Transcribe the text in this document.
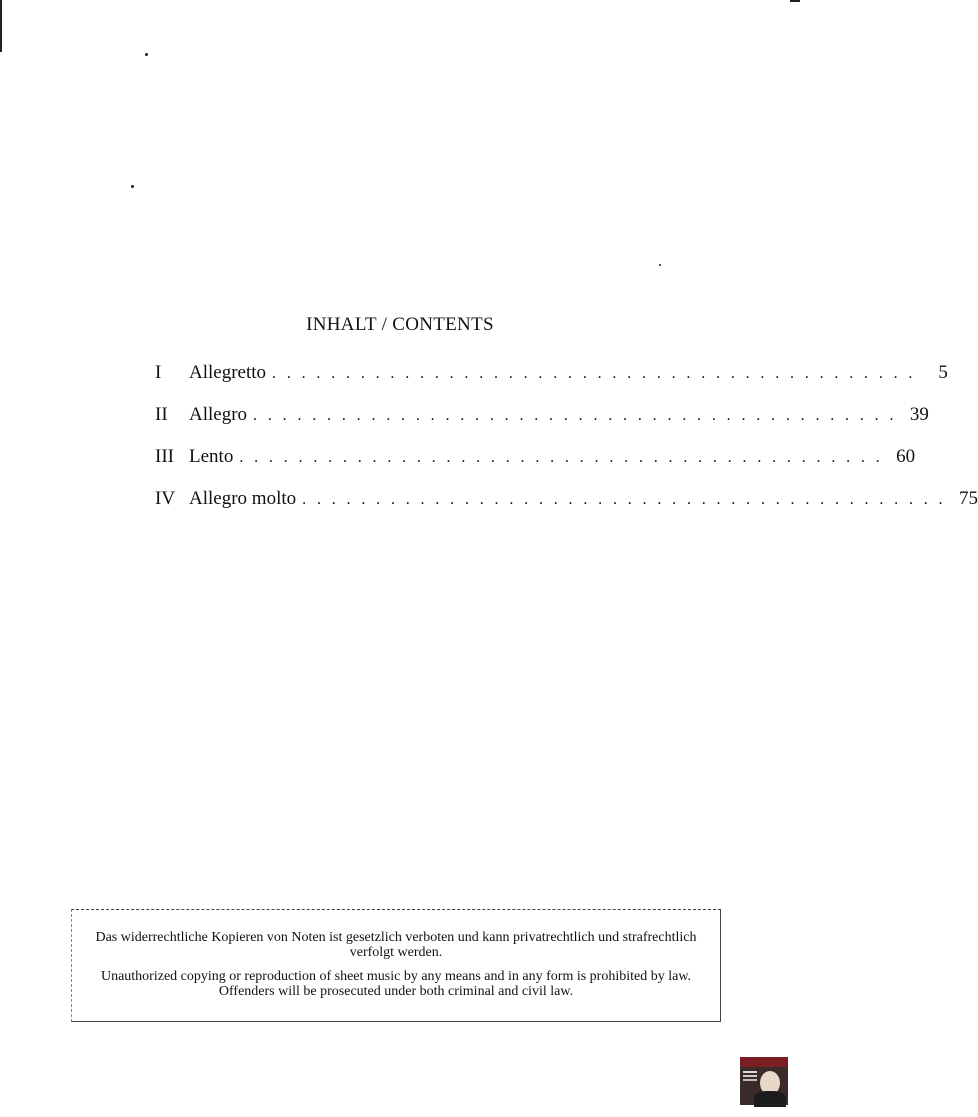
INHALT / CONTENTS
I	Allegretto . . . . . . . . . . . . . . . . . . . . . . . . . . . . . . . . . . . . . . . . . . . .	5
II	Allegro . . . . . . . . . . . . . . . . . . . . . . . . . . . . . . . . . . . . . . . . . . . . 39
III Lento . . . . . . . . . . . . . . . . . . . . . . . . . . . . . . . . . . . . . . . . . . . . 60
IV Allegro molto . . . . . . . . . . . . . . . . . . . . . . . . . . . . . . . . . . . . . . . . . . . . 75

Das widerrechtliche Kopieren von Noten ist gesetzlich verboten und kann privatrechtlich und strafrechtlich verfolgt werden.

Unauthorized copying or reproduction of sheet music by any means and in any form is prohibited by law. Offenders will be prosecuted under both criminal and civil law.
